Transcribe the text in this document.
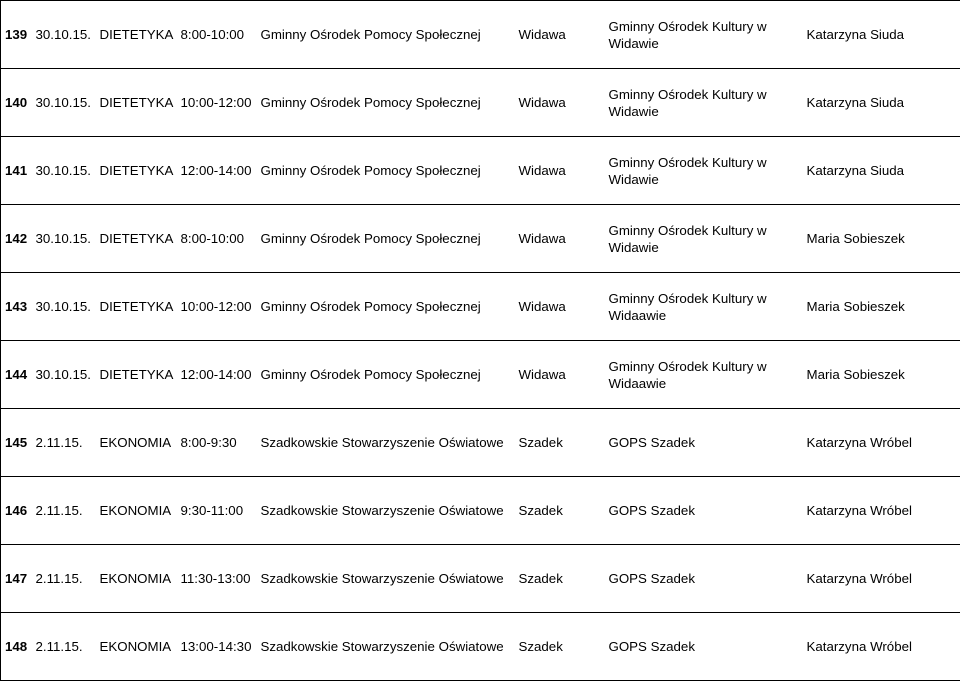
139	30.10.15.	DIETETYKA	8:00-10:00	Gminny Ośrodek Pomocy Społecznej	Widawa	Gminny Ośrodek Kultury w Widawie	Katarzyna Siuda
140	30.10.15.	DIETETYKA	10:00-12:00	Gminny Ośrodek Pomocy Społecznej	Widawa	Gminny Ośrodek Kultury w Widawie	Katarzyna Siuda
141	30.10.15.	DIETETYKA	12:00-14:00	Gminny Ośrodek Pomocy Społecznej	Widawa	Gminny Ośrodek Kultury w Widawie	Katarzyna Siuda
142	30.10.15.	DIETETYKA	8:00-10:00	Gminny Ośrodek Pomocy Społecznej	Widawa	Gminny Ośrodek Kultury w Widawie	Maria Sobieszek
143	30.10.15.	DIETETYKA	10:00-12:00	Gminny Ośrodek Pomocy Społecznej	Widawa	Gminny Ośrodek Kultury w Widaawie	Maria Sobieszek
144	30.10.15.	DIETETYKA	12:00-14:00	Gminny Ośrodek Pomocy Społecznej	Widawa	Gminny Ośrodek Kultury w Widaawie	Maria Sobieszek
145	2.11.15.	EKONOMIA	8:00-9:30	Szadkowskie Stowarzyszenie Oświatowe	Szadek	GOPS Szadek	Katarzyna Wróbel
146	2.11.15.	EKONOMIA	9:30-11:00	Szadkowskie Stowarzyszenie Oświatowe	Szadek	GOPS Szadek	Katarzyna Wróbel
147	2.11.15.	EKONOMIA	11:30-13:00	Szadkowskie Stowarzyszenie Oświatowe	Szadek	GOPS Szadek	Katarzyna Wróbel
148	2.11.15.	EKONOMIA	13:00-14:30	Szadkowskie Stowarzyszenie Oświatowe	Szadek	GOPS Szadek	Katarzyna Wróbel
